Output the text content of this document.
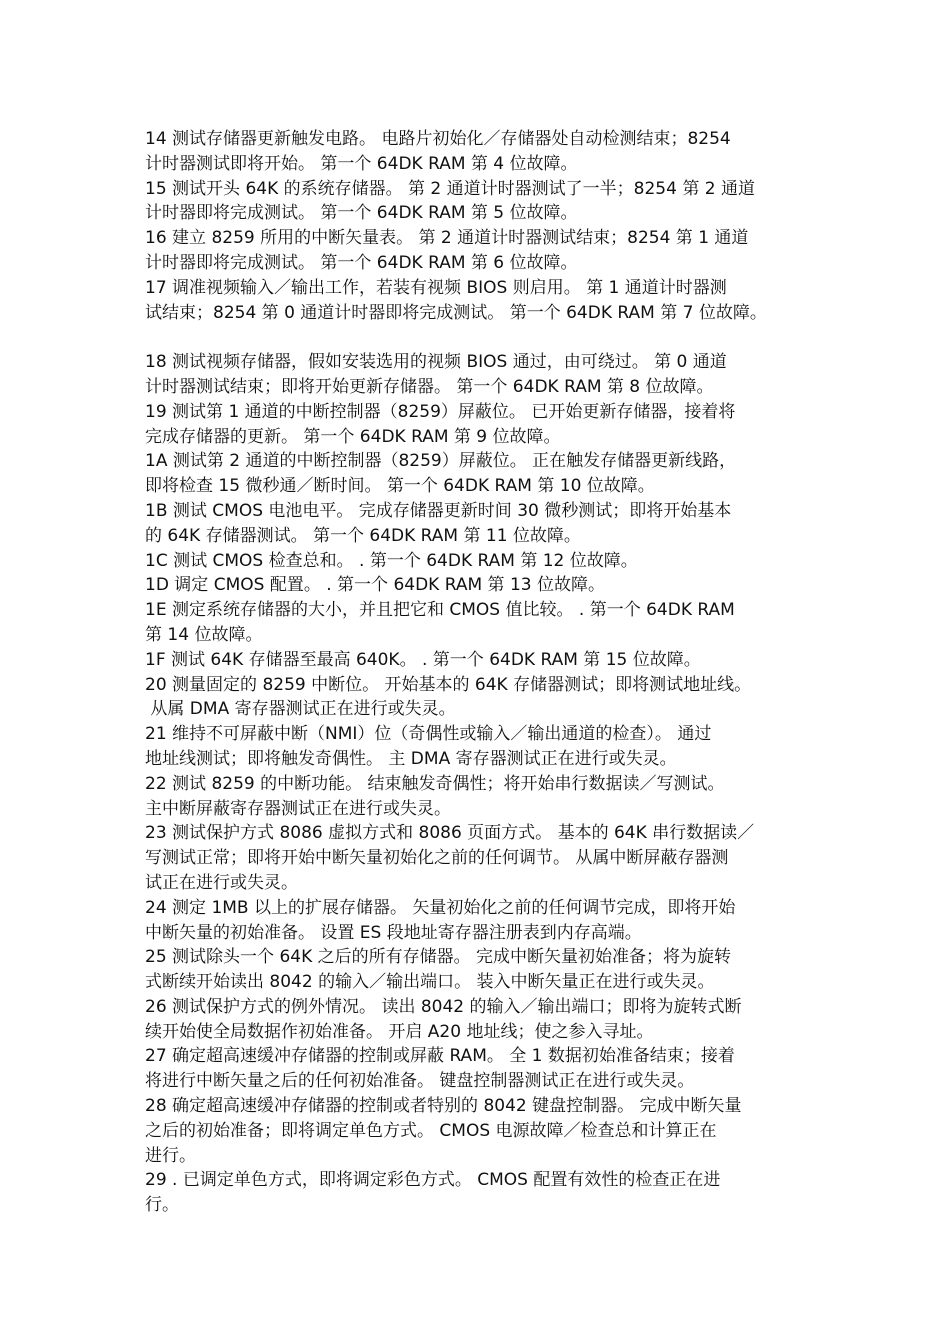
14 测试存储器更新触发电路。 电路片初始化／存储器处自动检测结束；8254
计时器测试即将开始。 第一个 64DK RAM 第 4 位故障。
15 测试开头 64K 的系统存储器。 第 2 通道计时器测试了一半；8254 第 2 通道
计时器即将完成测试。 第一个 64DK RAM 第 5 位故障。
16 建立 8259 所用的中断矢量表。 第 2 通道计时器测试结束；8254 第 1 通道
计时器即将完成测试。 第一个 64DK RAM 第 6 位故障。
17 调准视频输入／输出工作，若装有视频 BIOS 则启用。 第 1 通道计时器测
试结束；8254 第 0 通道计时器即将完成测试。 第一个 64DK RAM 第 7 位故障。
18 测试视频存储器，假如安装选用的视频 BIOS 通过，由可绕过。 第 0 通道
计时器测试结束；即将开始更新存储器。 第一个 64DK RAM 第 8 位故障。
19 测试第 1 通道的中断控制器（8259）屏蔽位。 已开始更新存储器，接着将
完成存储器的更新。 第一个 64DK RAM 第 9 位故障。
1A 测试第 2 通道的中断控制器（8259）屏蔽位。 正在触发存储器更新线路，
即将检查 15 微秒通／断时间。 第一个 64DK RAM 第 10 位故障。
1B 测试 CMOS 电池电平。 完成存储器更新时间 30 微秒测试；即将开始基本
的 64K 存储器测试。 第一个 64DK RAM 第 11 位故障。
1C 测试 CMOS 检查总和。 . 第一个 64DK RAM 第 12 位故障。
1D 调定 CMOS 配置。 . 第一个 64DK RAM 第 13 位故障。
1E 测定系统存储器的大小，并且把它和 CMOS 值比较。 . 第一个 64DK RAM
第 14 位故障。
1F 测试 64K 存储器至最高 640K。 . 第一个 64DK RAM 第 15 位故障。
20 测量固定的 8259 中断位。 开始基本的 64K 存储器测试；即将测试地址线。
从属 DMA 寄存器测试正在进行或失灵。
21 维持不可屏蔽中断（NMI）位（奇偶性或输入／输出通道的检查）。 通过
地址线测试；即将触发奇偶性。 主 DMA 寄存器测试正在进行或失灵。
22 测试 8259 的中断功能。 结束触发奇偶性；将开始串行数据读／写测试。
主中断屏蔽寄存器测试正在进行或失灵。
23 测试保护方式 8086 虚拟方式和 8086 页面方式。 基本的 64K 串行数据读／
写测试正常；即将开始中断矢量初始化之前的任何调节。 从属中断屏蔽存器测
试正在进行或失灵。
24 测定 1MB 以上的扩展存储器。 矢量初始化之前的任何调节完成，即将开始
中断矢量的初始准备。 设置 ES 段地址寄存器注册表到内存高端。
25 测试除头一个 64K 之后的所有存储器。 完成中断矢量初始准备；将为旋转
式断续开始读出 8042 的输入／输出端口。 装入中断矢量正在进行或失灵。
26 测试保护方式的例外情况。 读出 8042 的输入／输出端口；即将为旋转式断
续开始使全局数据作初始准备。 开启 A20 地址线；使之参入寻址。
27 确定超高速缓冲存储器的控制或屏蔽 RAM。 全 1 数据初始准备结束；接着
将进行中断矢量之后的任何初始准备。 键盘控制器测试正在进行或失灵。
28 确定超高速缓冲存储器的控制或者特别的 8042 键盘控制器。 完成中断矢量
之后的初始准备；即将调定单色方式。 CMOS 电源故障／检查总和计算正在
进行。
29 . 已调定单色方式，即将调定彩色方式。 CMOS 配置有效性的检查正在进
行。
